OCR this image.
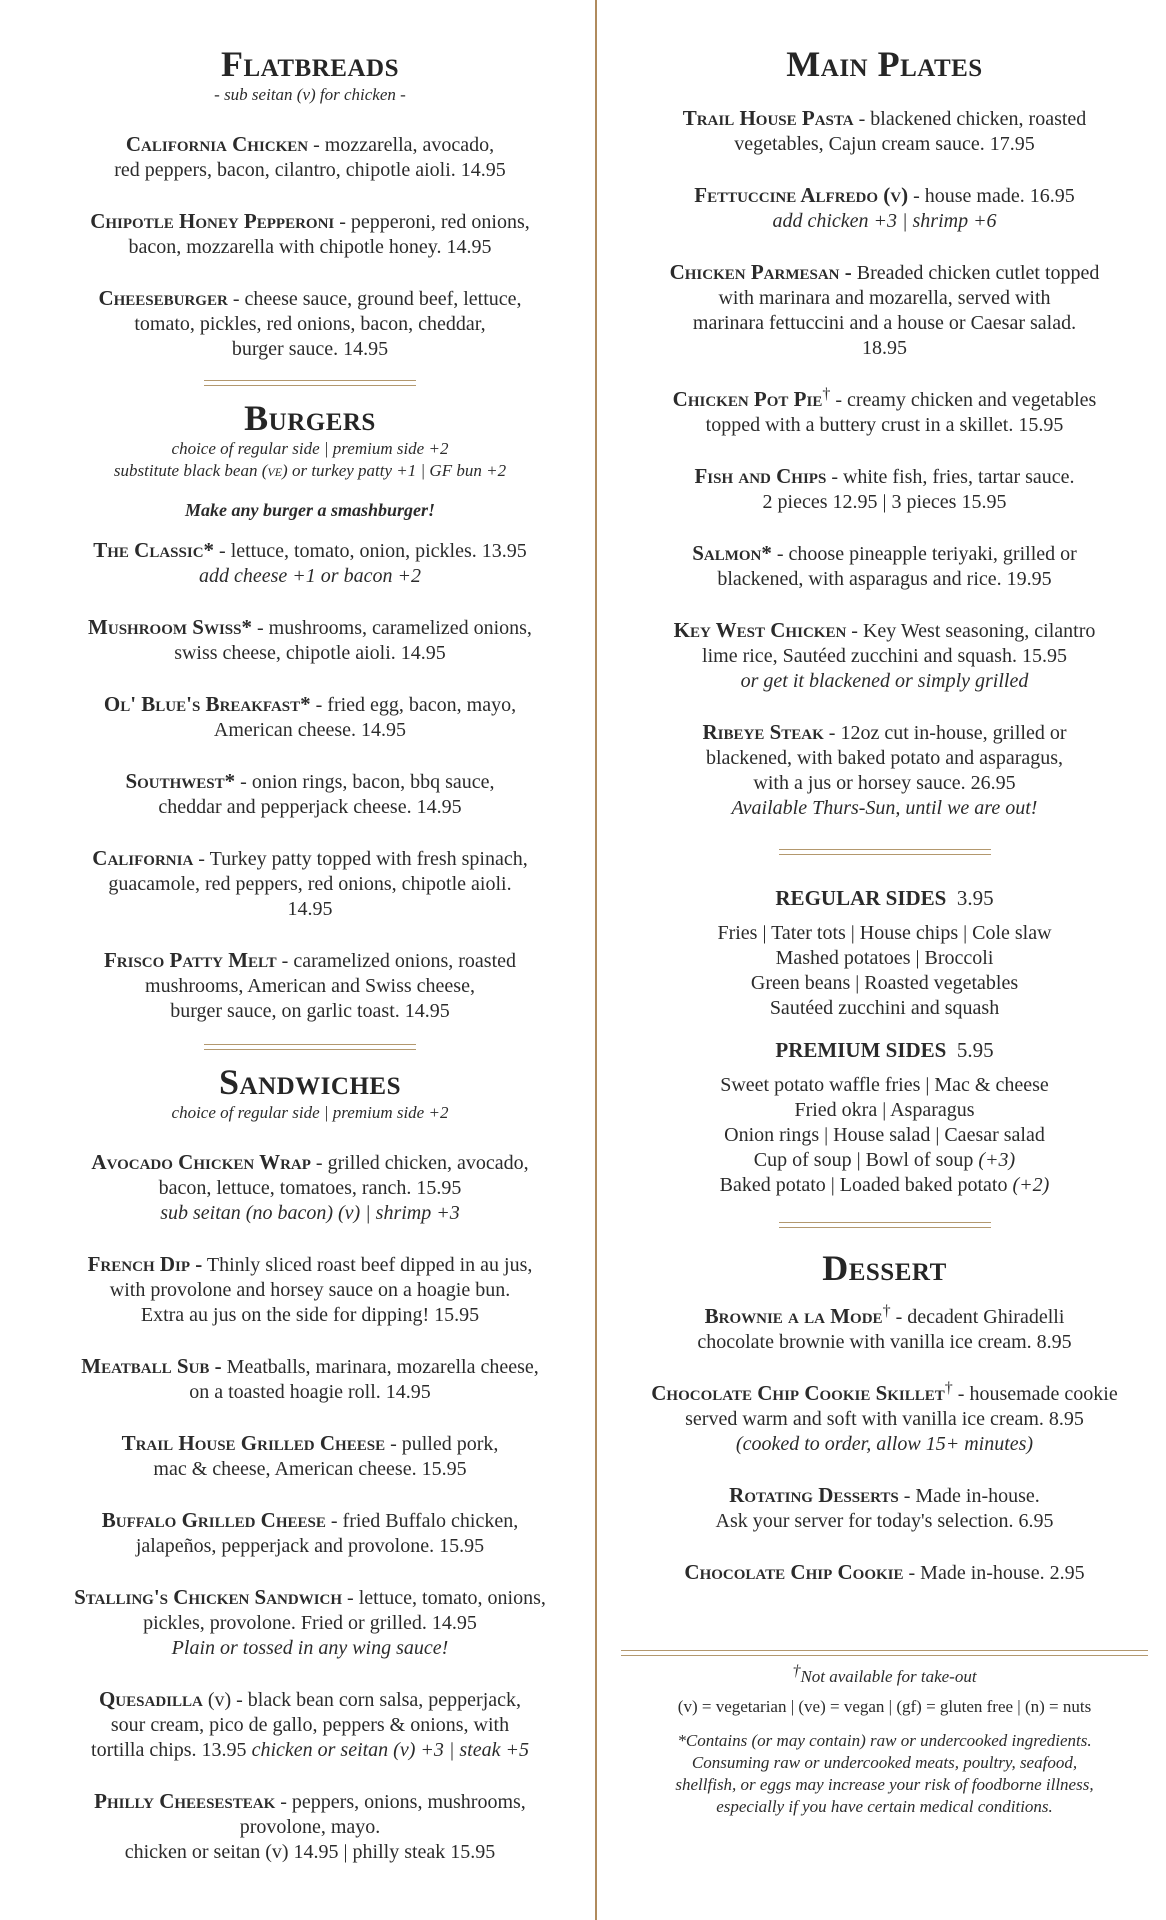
Flatbreads

- sub seitan (v) for chicken -

California Chicken - mozzarella, avocado,
red peppers, bacon, cilantro, chipotle aioli. 14.95

Chipotle Honey Pepperoni - pepperoni, red onions,
bacon, mozzarella with chipotle honey. 14.95

Cheeseburger - cheese sauce, ground beef, lettuce,
tomato, pickles, red onions, bacon, cheddar,
burger sauce. 14.95

Burgers

choice of regular side | premium side +2

substitute black bean (ve) or turkey patty +1 | GF bun +2

Make any burger a smashburger!

The Classic* - lettuce, tomato, onion, pickles. 13.95
add cheese +1 or bacon +2

Mushroom Swiss* - mushrooms, caramelized onions,
swiss cheese, chipotle aioli. 14.95

Ol' Blue's Breakfast* - fried egg, bacon, mayo,
American cheese. 14.95

Southwest* - onion rings, bacon, bbq sauce,
cheddar and pepperjack cheese. 14.95

California - Turkey patty topped with fresh spinach,
guacamole, red peppers, red onions, chipotle aioli.
14.95

Frisco Patty Melt - caramelized onions, roasted
mushrooms, American and Swiss cheese,
burger sauce, on garlic toast. 14.95

Sandwiches

choice of regular side | premium side +2

Avocado Chicken Wrap - grilled chicken, avocado,
bacon, lettuce, tomatoes, ranch. 15.95
sub seitan (no bacon) (v) | shrimp +3

French Dip - Thinly sliced roast beef dipped in au jus,
with provolone and horsey sauce on a hoagie bun.
Extra au jus on the side for dipping! 15.95

Meatball Sub - Meatballs, marinara, mozarella cheese,
on a toasted hoagie roll. 14.95

Trail House Grilled Cheese - pulled pork,
mac & cheese, American cheese. 15.95

Buffalo Grilled Cheese - fried Buffalo chicken,
jalapeños, pepperjack and provolone. 15.95

Stalling's Chicken Sandwich - lettuce, tomato, onions,
pickles, provolone. Fried or grilled. 14.95
Plain or tossed in any wing sauce!

Quesadilla (v) - black bean corn salsa, pepperjack,
sour cream, pico de gallo, peppers & onions, with
tortilla chips. 13.95 chicken or seitan (v) +3 | steak +5

Philly Cheesesteak - peppers, onions, mushrooms,
provolone, mayo.
chicken or seitan (v) 14.95 | philly steak 15.95

Main Plates

Trail House Pasta - blackened chicken, roasted
vegetables, Cajun cream sauce. 17.95

Fettuccine Alfredo (v) - house made. 16.95
add chicken +3 | shrimp +6

Chicken Parmesan - Breaded chicken cutlet topped
with marinara and mozarella, served with
marinara fettuccini and a house or Caesar salad.
18.95

Chicken Pot Pie† - creamy chicken and vegetables
topped with a buttery crust in a skillet. 15.95

Fish and Chips - white fish, fries, tartar sauce.
2 pieces 12.95 | 3 pieces 15.95

Salmon* - choose pineapple teriyaki, grilled or
blackened, with asparagus and rice. 19.95

Key West Chicken - Key West seasoning, cilantro
lime rice, Sautéed zucchini and squash. 15.95
or get it blackened or simply grilled

Ribeye Steak - 12oz cut in-house, grilled or
blackened, with baked potato and asparagus,
with a jus or horsey sauce. 26.95
Available Thurs-Sun, until we are out!

REGULAR SIDES 3.95

Fries | Tater tots | House chips | Cole slaw
Mashed potatoes | Broccoli
Green beans | Roasted vegetables
Sautéed zucchini and squash

PREMIUM SIDES 5.95

Sweet potato waffle fries | Mac & cheese
Fried okra | Asparagus
Onion rings | House salad | Caesar salad
Cup of soup | Bowl of soup (+3)
Baked potato | Loaded baked potato (+2)

Dessert

Brownie a la Mode† - decadent Ghiradelli
chocolate brownie with vanilla ice cream. 8.95

Chocolate Chip Cookie Skillet† - housemade cookie
served warm and soft with vanilla ice cream. 8.95
(cooked to order, allow 15+ minutes)

Rotating Desserts - Made in-house.
Ask your server for today's selection. 6.95

Chocolate Chip Cookie - Made in-house. 2.95

†Not available for take-out

(v) = vegetarian | (ve) = vegan | (gf) = gluten free | (n) = nuts

*Contains (or may contain) raw or undercooked ingredients.
Consuming raw or undercooked meats, poultry, seafood,
shellfish, or eggs may increase your risk of foodborne illness,
especially if you have certain medical conditions.
